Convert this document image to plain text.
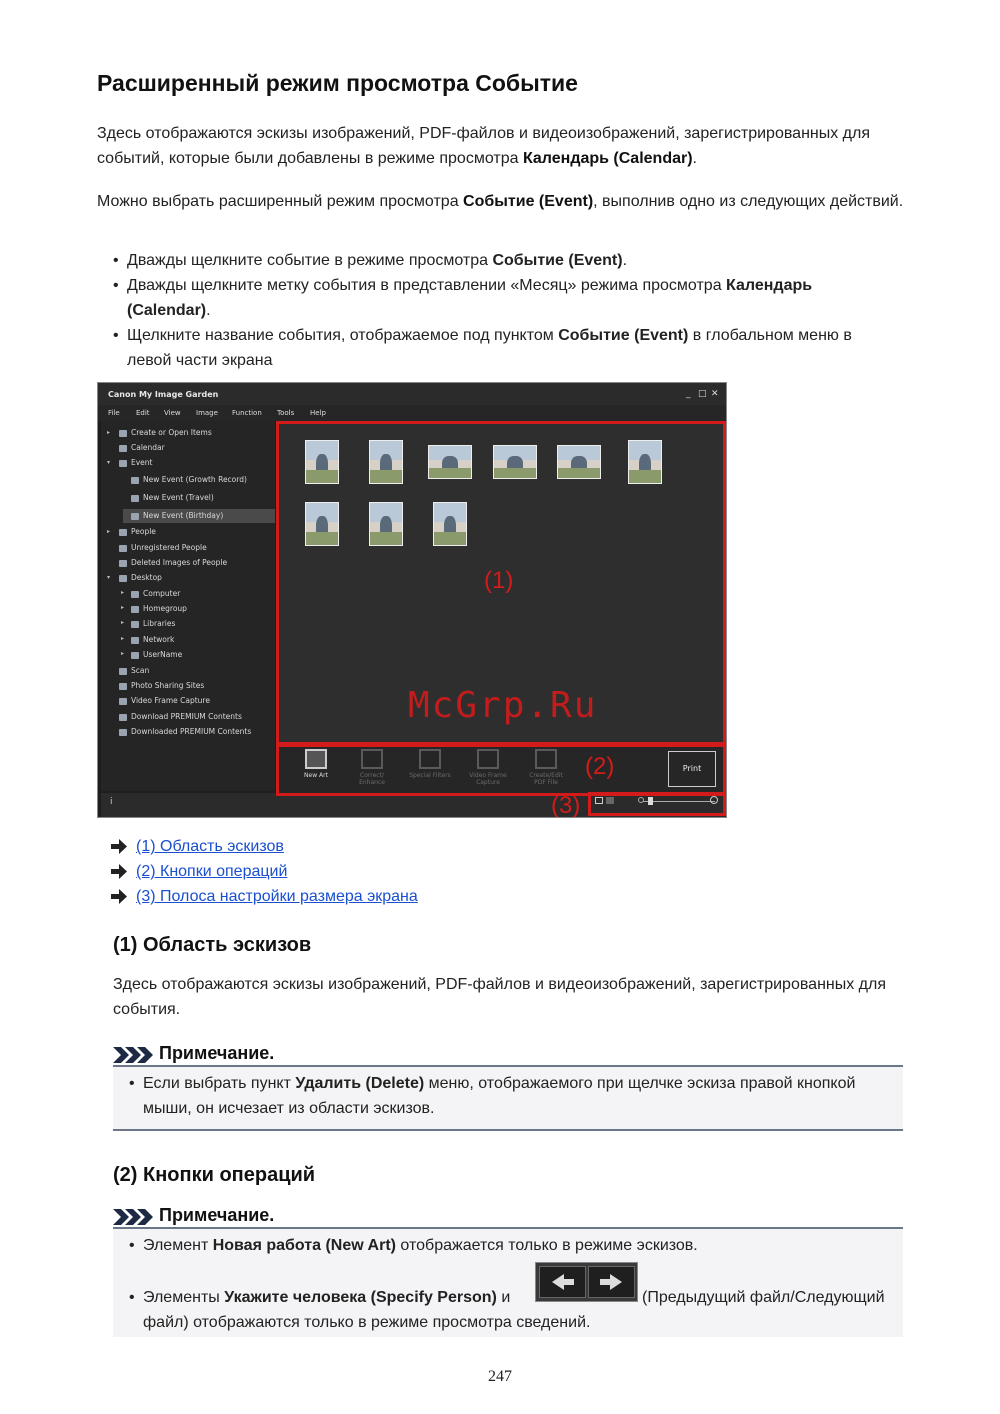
Расширенный режим просмотра Событие
Здесь отображаются эскизы изображений, PDF-файлов и видеоизображений, зарегистрированных для событий, которые были добавлены в режиме просмотра Календарь (Calendar).
Можно выбрать расширенный режим просмотра Событие (Event), выполнив одно из следующих действий.
• Дважды щелкните событие в режиме просмотра Событие (Event).
• Дважды щелкните метку события в представлении «Месяц» режима просмотра Календарь (Calendar).
• Щелкните название события, отображаемое под пунктом Событие (Event) в глобальном меню в левой части экрана
Canon My Image Garden	_ □ ✕
File Edit View Image Function Tools Help
▸	Create or Open Items
Calendar
▾	Event
New Event (Growth Record)
New Event (Travel)
New Event (Birthday)
▸	People
Unregistered People
Deleted Images of People
▾	Desktop
▸	Computer
▸	Homegroup
▸	Libraries
▸	Network
▸	UserName
Scan
Photo Sharing Sites
Video Frame Capture
Download PREMIUM Contents
Downloaded PREMIUM Contents
New Art	Correct/ Enhance
Special Filters	Video Frame Capture
Create/Edit PDF File
Print
i
(1)
(2)
(3)
McGrp.Ru
(1) Область эскизов
(2) Кнопки операций
(3) Полоса настройки размера экрана
(1) Область эскизов
Здесь отображаются эскизы изображений, PDF-файлов и видеоизображений, зарегистрированных для события.
Примечание.
• Если выбрать пункт Удалить (Delete) меню, отображаемого при щелчке эскиза правой кнопкой мыши, он исчезает из области эскизов.
(2) Кнопки операций
Примечание.
• Элемент Новая работа (New Art) отображается только в режиме эскизов.
• Элементы Укажите человека (Specify Person) и	(Предыдущий файл/Следующий
файл) отображаются только в режиме просмотра сведений.
247
